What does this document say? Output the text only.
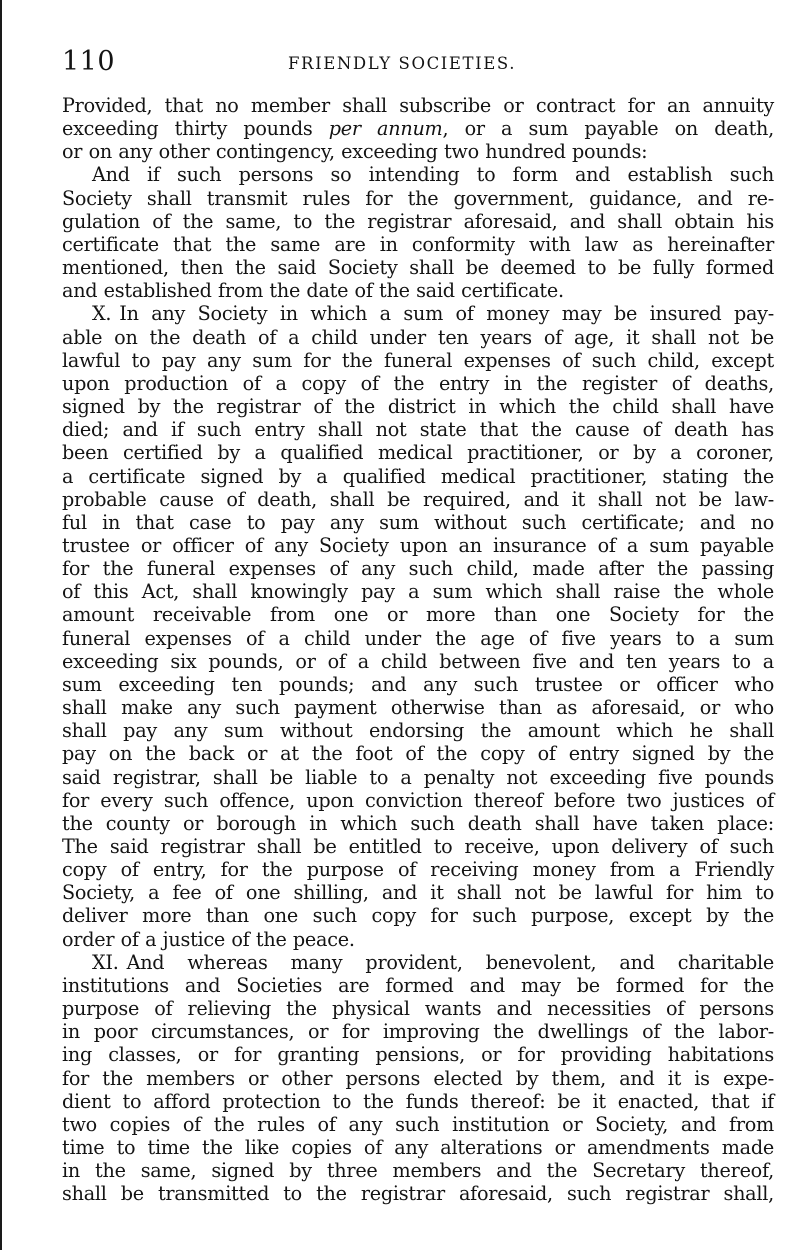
110	FRIENDLY SOCIETIES.

Provided, that no member shall subscribe or contract for an annuity
exceeding thirty pounds per annum, or a sum payable on death,
or on any other contingency, exceeding two hundred pounds:

And if such persons so intending to form and establish such
Society shall transmit rules for the government, guidance, and re-
gulation of the same, to the registrar aforesaid, and shall obtain his
certificate that the same are in conformity with law as hereinafter
mentioned, then the said Society shall be deemed to be fully formed
and established from the date of the said certificate.

X. In any Society in which a sum of money may be insured pay-
able on the death of a child under ten years of age, it shall not be
lawful to pay any sum for the funeral expenses of such child, except
upon production of a copy of the entry in the register of deaths,
signed by the registrar of the district in which the child shall have
died; and if such entry shall not state that the cause of death has
been certified by a qualified medical practitioner, or by a coroner,
a certificate signed by a qualified medical practitioner, stating the
probable cause of death, shall be required, and it shall not be law-
ful in that case to pay any sum without such certificate; and no
trustee or officer of any Society upon an insurance of a sum payable
for the funeral expenses of any such child, made after the passing
of this Act, shall knowingly pay a sum which shall raise the whole
amount receivable from one or more than one Society for the
funeral expenses of a child under the age of five years to a sum
exceeding six pounds, or of a child between five and ten years to a
sum exceeding ten pounds; and any such trustee or officer who
shall make any such payment otherwise than as aforesaid, or who
shall pay any sum without endorsing the amount which he shall
pay on the back or at the foot of the copy of entry signed by the
said registrar, shall be liable to a penalty not exceeding five pounds
for every such offence, upon conviction thereof before two justices of
the county or borough in which such death shall have taken place:
The said registrar shall be entitled to receive, upon delivery of such
copy of entry, for the purpose of receiving money from a Friendly
Society, a fee of one shilling, and it shall not be lawful for him to
deliver more than one such copy for such purpose, except by the
order of a justice of the peace.

XI. And whereas many provident, benevolent, and charitable
institutions and Societies are formed and may be formed for the
purpose of relieving the physical wants and necessities of persons
in poor circumstances, or for improving the dwellings of the labor-
ing classes, or for granting pensions, or for providing habitations
for the members or other persons elected by them, and it is expe-
dient to afford protection to the funds thereof: be it enacted, that if
two copies of the rules of any such institution or Society, and from
time to time the like copies of any alterations or amendments made
in the same, signed by three members and the Secretary thereof,
shall be transmitted to the registrar aforesaid, such registrar shall,
